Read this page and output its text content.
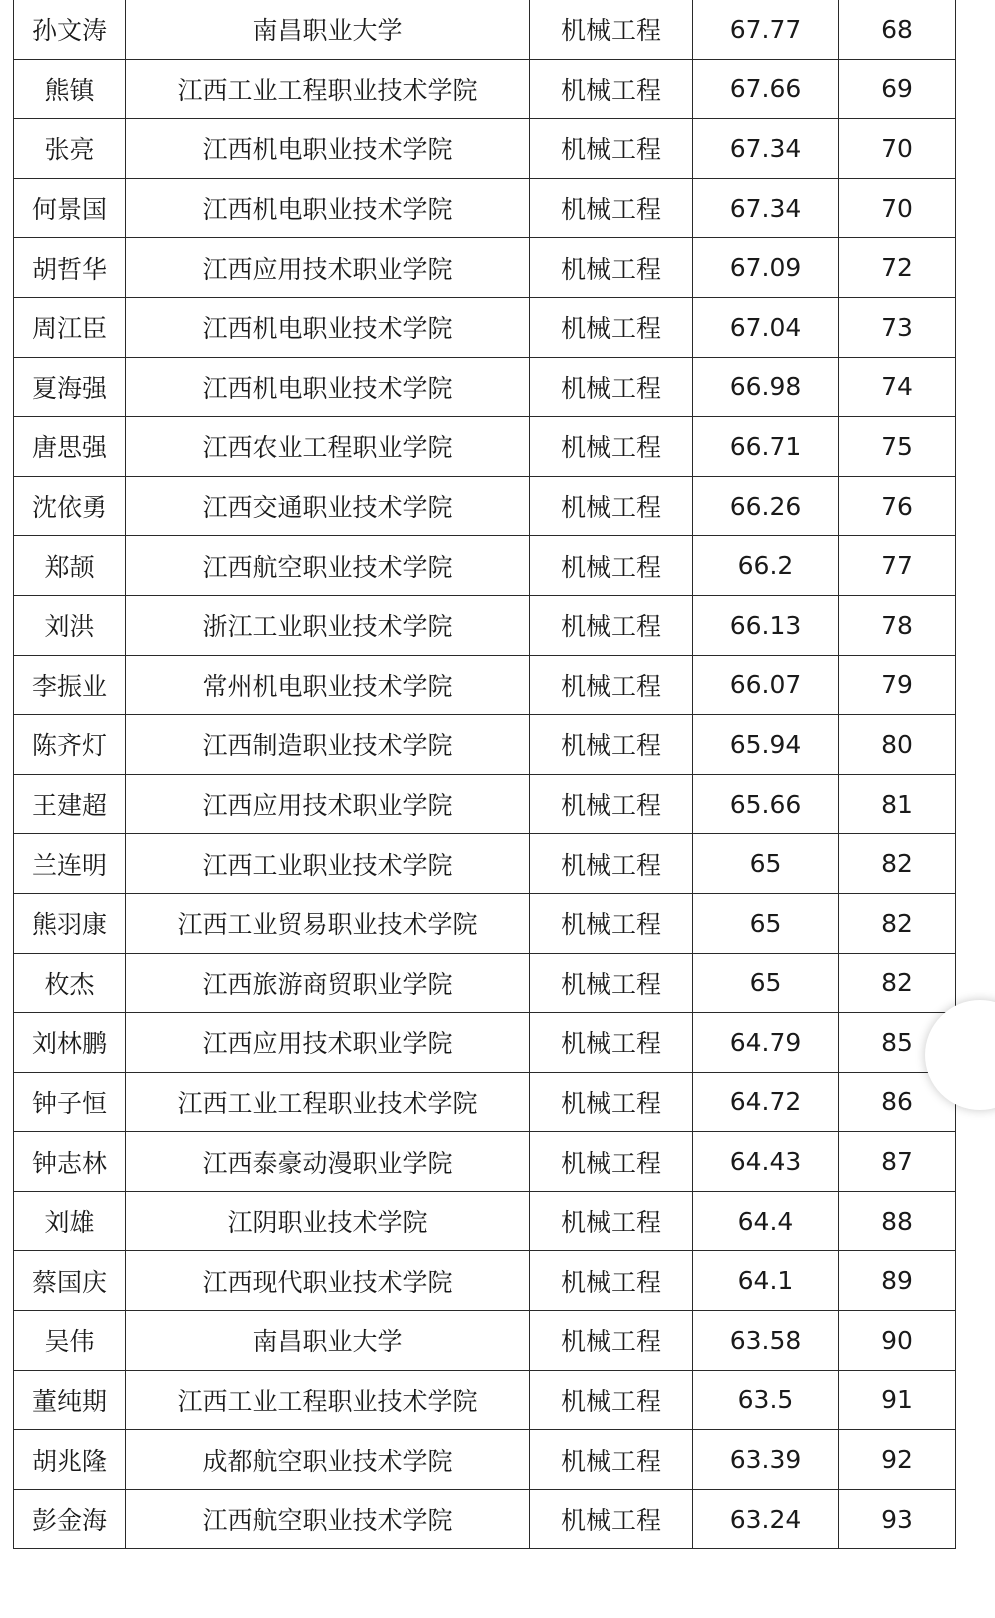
孙文涛	南昌职业大学	机械工程	67.77	68
熊镇	江西工业工程职业技术学院	机械工程	67.66	69
张亮	江西机电职业技术学院	机械工程	67.34	70
何景国	江西机电职业技术学院	机械工程	67.34	70
胡哲华	江西应用技术职业学院	机械工程	67.09	72
周江臣	江西机电职业技术学院	机械工程	67.04	73
夏海强	江西机电职业技术学院	机械工程	66.98	74
唐思强	江西农业工程职业学院	机械工程	66.71	75
沈依勇	江西交通职业技术学院	机械工程	66.26	76
郑颉	江西航空职业技术学院	机械工程	66.2	77
刘洪	浙江工业职业技术学院	机械工程	66.13	78
李振业	常州机电职业技术学院	机械工程	66.07	79
陈齐灯	江西制造职业技术学院	机械工程	65.94	80
王建超	江西应用技术职业学院	机械工程	65.66	81
兰连明	江西工业职业技术学院	机械工程	65	82
熊羽康	江西工业贸易职业技术学院	机械工程	65	82
枚杰	江西旅游商贸职业学院	机械工程	65	82
刘林鹏	江西应用技术职业学院	机械工程	64.79	85
钟子恒	江西工业工程职业技术学院	机械工程	64.72	86
钟志林	江西泰豪动漫职业学院	机械工程	64.43	87
刘雄	江阴职业技术学院	机械工程	64.4	88
蔡国庆	江西现代职业技术学院	机械工程	64.1	89
吴伟	南昌职业大学	机械工程	63.58	90
董纯期	江西工业工程职业技术学院	机械工程	63.5	91
胡兆隆	成都航空职业技术学院	机械工程	63.39	92
彭金海	江西航空职业技术学院	机械工程	63.24	93
